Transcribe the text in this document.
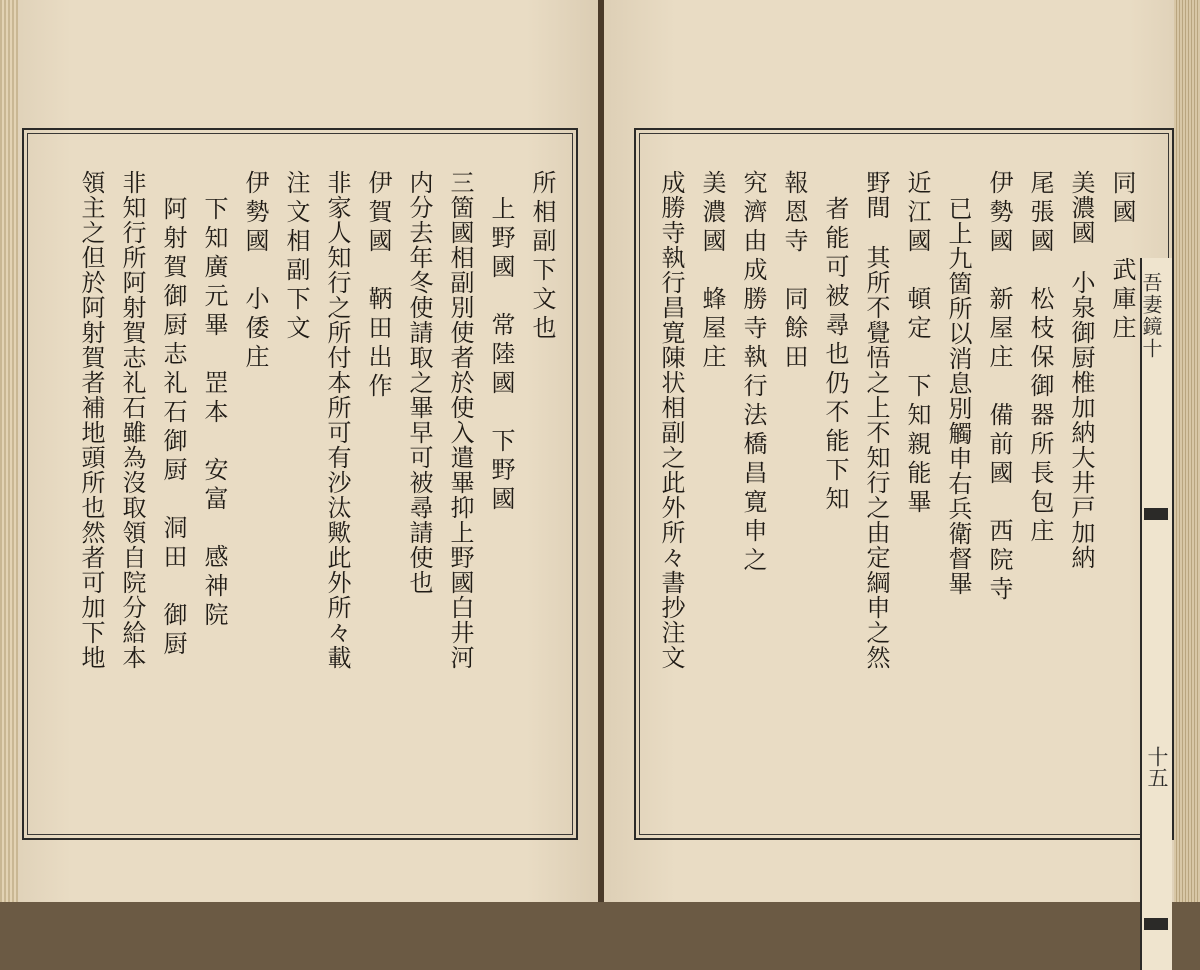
所相副下文也
上野國　常陸國　下野國
三箇國相副別使者於使入遣畢抑上野國白井河
内分去年冬使請取之畢早可被尋請使也
伊賀國　鞆田出作
非家人知行之所付本所可有沙汰歟此外所々載
注文相副下文
伊勢國　小倭庄
下知廣元畢　罡本　安富　感神院
阿射賀御厨志礼石御厨　洞田　御厨
非知行所阿射賀志礼石雖為沒取領自院分給本
領主之但於阿射賀者補地頭所也然者可加下地	同國　武庫庄
美濃國　小泉御厨椎加納大井戸加納
尾張國　松枝保御器所長包庄
伊勢國　新屋庄　備前國　西院寺
已上九箇所以消息別觸申右兵衛督畢
近江國　頓定　下知親能畢
野間　其所不覺悟之上不知行之由定綱申之然
者能可被尋也仍不能下知
報恩寺　同餘田
究濟由成勝寺執行法橋昌寛申之
美濃國　蜂屋庄
成勝寺執行昌寛陳状相副之此外所々書抄注文	吾妻鏡十
十五
